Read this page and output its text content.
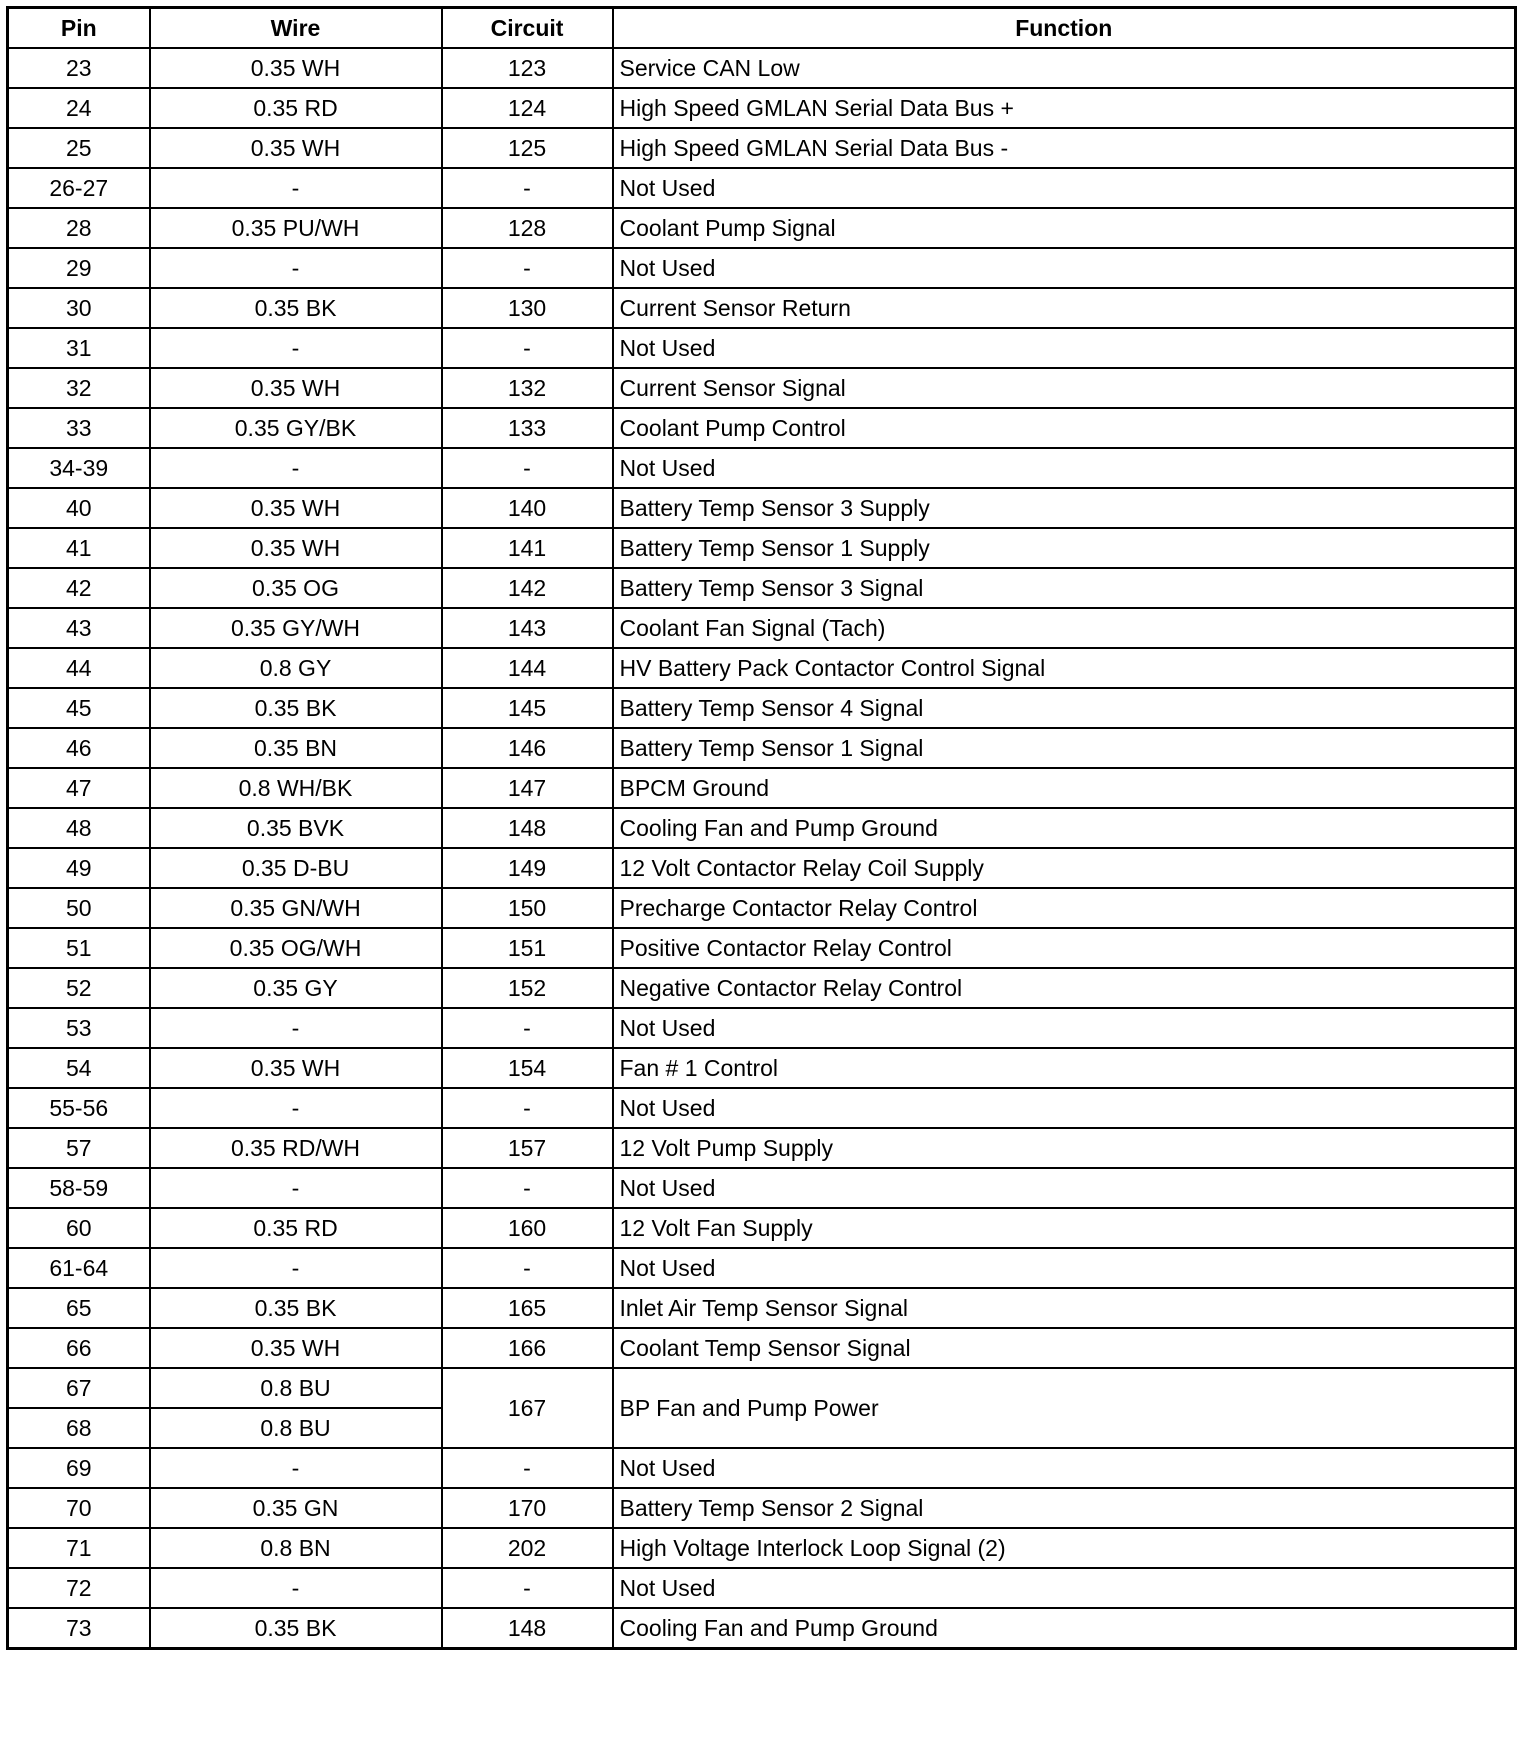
Pin	Wire	Circuit	Function
23	0.35 WH	123	Service CAN Low
24	0.35 RD	124	High Speed GMLAN Serial Data Bus +
25	0.35 WH	125	High Speed GMLAN Serial Data Bus -
26-27	-	-	Not Used
28	0.35 PU/WH	128	Coolant Pump Signal
29	-	-	Not Used
30	0.35 BK	130	Current Sensor Return
31	-	-	Not Used
32	0.35 WH	132	Current Sensor Signal
33	0.35 GY/BK	133	Coolant Pump Control
34-39	-	-	Not Used
40	0.35 WH	140	Battery Temp Sensor 3 Supply
41	0.35 WH	141	Battery Temp Sensor 1 Supply
42	0.35 OG	142	Battery Temp Sensor 3 Signal
43	0.35 GY/WH	143	Coolant Fan Signal (Tach)
44	0.8 GY	144	HV Battery Pack Contactor Control Signal
45	0.35 BK	145	Battery Temp Sensor 4 Signal
46	0.35 BN	146	Battery Temp Sensor 1 Signal
47	0.8 WH/BK	147	BPCM Ground
48	0.35 BVK	148	Cooling Fan and Pump Ground
49	0.35 D-BU	149	12 Volt Contactor Relay Coil Supply
50	0.35 GN/WH	150	Precharge Contactor Relay Control
51	0.35 OG/WH	151	Positive Contactor Relay Control
52	0.35 GY	152	Negative Contactor Relay Control
53	-	-	Not Used
54	0.35 WH	154	Fan # 1 Control
55-56	-	-	Not Used
57	0.35 RD/WH	157	12 Volt Pump Supply
58-59	-	-	Not Used
60	0.35 RD	160	12 Volt Fan Supply
61-64	-	-	Not Used
65	0.35 BK	165	Inlet Air Temp Sensor Signal
66	0.35 WH	166	Coolant Temp Sensor Signal
67	0.8 BU	167	BP Fan and Pump Power
68	0.8 BU		
69	-	-	Not Used
70	0.35 GN	170	Battery Temp Sensor 2 Signal
71	0.8 BN	202	High Voltage Interlock Loop Signal (2)
72	-	-	Not Used
73	0.35 BK	148	Cooling Fan and Pump Ground
